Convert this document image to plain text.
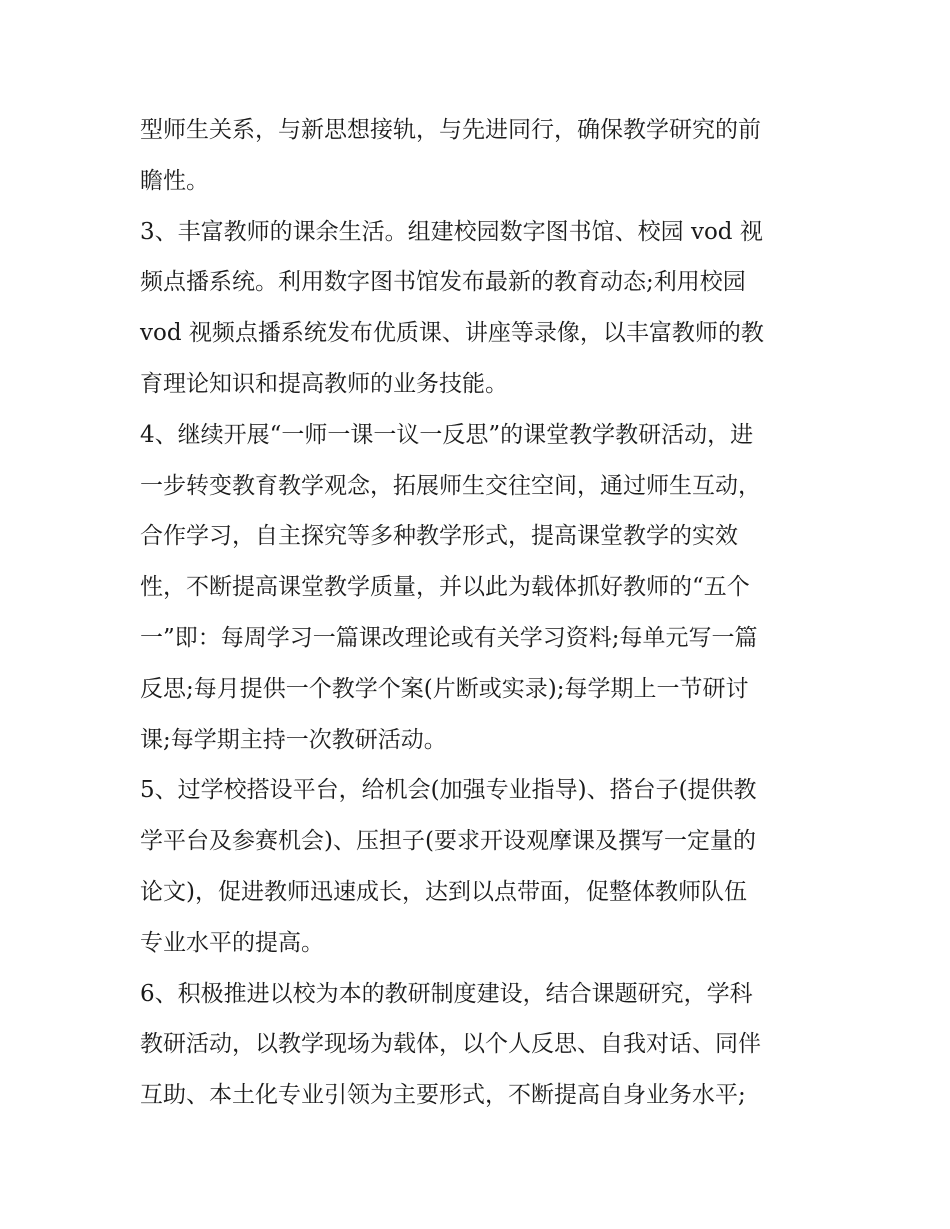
型师生关系，与新思想接轨，与先进同行，确保教学研究的前
瞻性。
3、丰富教师的课余生活。组建校园数字图书馆、校园 vod 视
频点播系统。利用数字图书馆发布最新的教育动态;利用校园
vod 视频点播系统发布优质课、讲座等录像，以丰富教师的教
育理论知识和提高教师的业务技能。
4、继续开展“一师一课一议一反思”的课堂教学教研活动，进
一步转变教育教学观念，拓展师生交往空间，通过师生互动，
合作学习，自主探究等多种教学形式，提高课堂教学的实效
性，不断提高课堂教学质量，并以此为载体抓好教师的“五个
一”即：每周学习一篇课改理论或有关学习资料;每单元写一篇
反思;每月提供一个教学个案(片断或实录);每学期上一节研讨
课;每学期主持一次教研活动。
5、过学校搭设平台，给机会(加强专业指导)、搭台子(提供教
学平台及参赛机会)、压担子(要求开设观摩课及撰写一定量的
论文)，促进教师迅速成长，达到以点带面，促整体教师队伍
专业水平的提高。
6、积极推进以校为本的教研制度建设，结合课题研究，学科
教研活动，以教学现场为载体，以个人反思、自我对话、同伴
互助、本土化专业引领为主要形式，不断提高自身业务水平;
